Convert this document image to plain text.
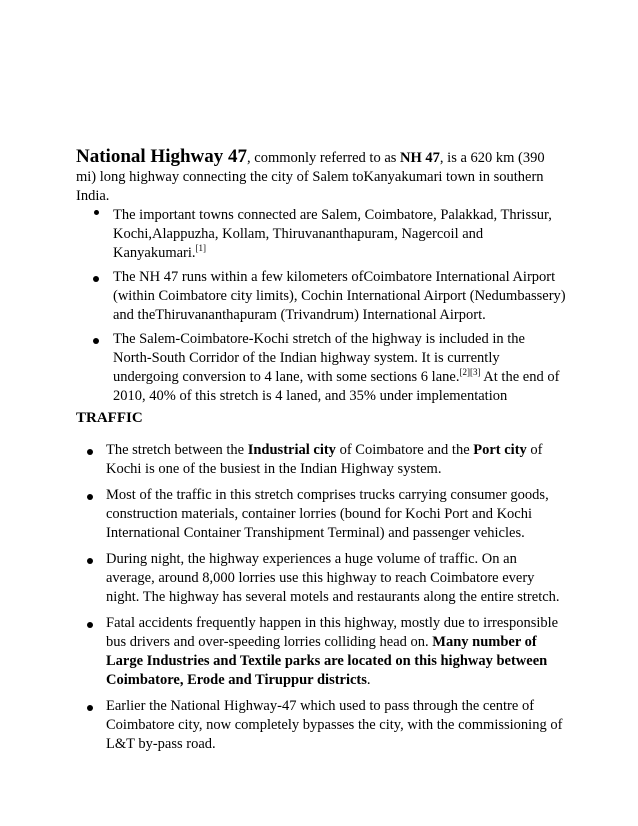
National Highway 47, commonly referred to as NH 47, is a 620 km (390 mi) long highway connecting the city of Salem toKanyakumari town in southern India.

The important towns connected are Salem, Coimbatore, Palakkad, Thrissur, Kochi,Alappuzha, Kollam, Thiruvananthapuram, Nagercoil and Kanyakumari.[1]
The NH 47 runs within a few kilometers ofCoimbatore International Airport (within Coimbatore city limits), Cochin International Airport (Nedumbassery) and theThiruvananthapuram (Trivandrum) International Airport.
The Salem-Coimbatore-Kochi stretch of the highway is included in the North-South Corridor of the Indian highway system. It is currently undergoing conversion to 4 lane, with some sections 6 lane.[2][3] At the end of 2010, 40% of this stretch is 4 laned, and 35% under implementation

TRAFFIC

The stretch between the Industrial city of Coimbatore and the Port city of Kochi is one of the busiest in the Indian Highway system.
Most of the traffic in this stretch comprises trucks carrying consumer goods, construction materials, container lorries (bound for Kochi Port and Kochi International Container Transhipment Terminal) and passenger vehicles.
During night, the highway experiences a huge volume of traffic. On an average, around 8,000 lorries use this highway to reach Coimbatore every night. The highway has several motels and restaurants along the entire stretch.
Fatal accidents frequently happen in this highway, mostly due to irresponsible bus drivers and over-speeding lorries colliding head on. Many number of Large Industries and Textile parks are located on this highway between Coimbatore, Erode and Tiruppur districts.
Earlier the National Highway-47 which used to pass through the centre of Coimbatore city, now completely bypasses the city, with the commissioning of L&T by-pass road.
